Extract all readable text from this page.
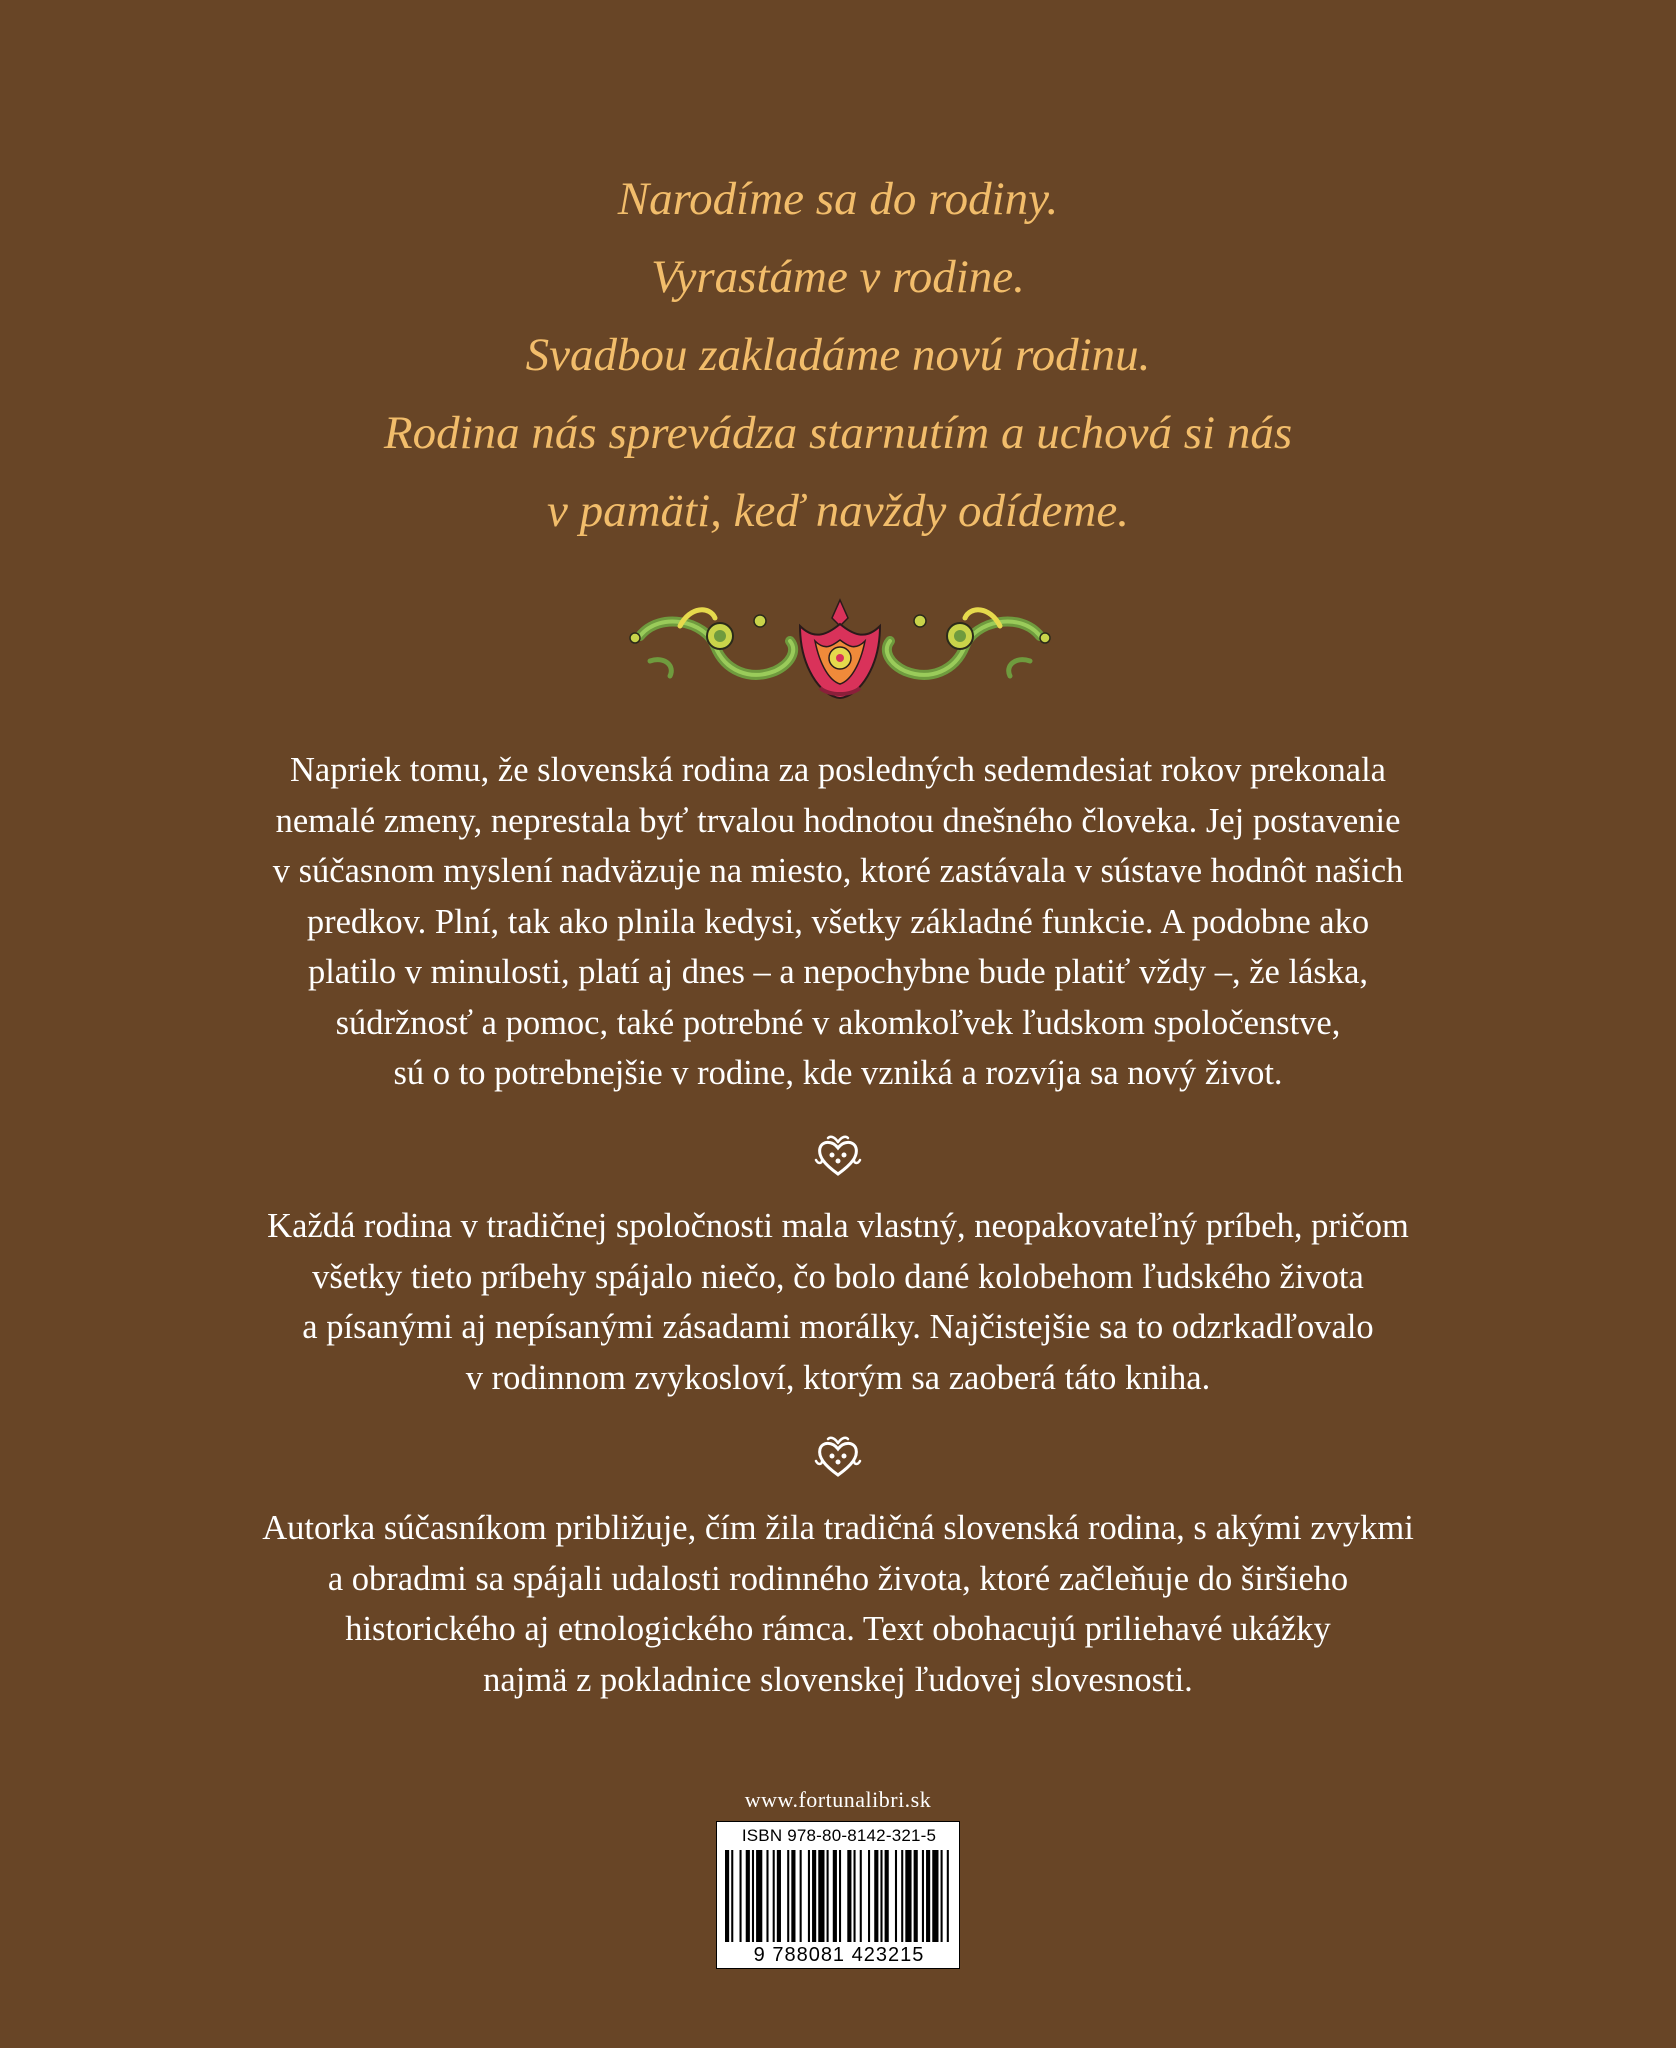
Narodíme sa do rodiny.
Vyrastáme v rodine.
Svadbou zakladáme novú rodinu.
Rodina nás sprevádza starnutím a uchová si nás
v pamäti, keď navždy odídeme.
Napriek tomu, že slovenská rodina za posledných sedemdesiat rokov prekonala
nemalé zmeny, neprestala byť trvalou hodnotou dnešného človeka. Jej postavenie
v súčasnom myslení nadväzuje na miesto, ktoré zastávala v sústave hodnôt našich
predkov. Plní, tak ako plnila kedysi, všetky základné funkcie. A podobne ako
platilo v minulosti, platí aj dnes – a nepochybne bude platiť vždy –, že láska,
súdržnosť a pomoc, také potrebné v akomkoľvek ľudskom spoločenstve,
sú o to potrebnejšie v rodine, kde vzniká a rozvíja sa nový život.
Každá rodina v tradičnej spoločnosti mala vlastný, neopakovateľný príbeh, pričom
všetky tieto príbehy spájalo niečo, čo bolo dané kolobehom ľudského života
a písanými aj nepísanými zásadami morálky. Najčistejšie sa to odzrkadľovalo
v rodinnom zvykosloví, ktorým sa zaoberá táto kniha.
Autorka súčasníkom približuje, čím žila tradičná slovenská rodina, s akými zvykmi
a obradmi sa spájali udalosti rodinného života, ktoré začleňuje do širšieho
historického aj etnologického rámca. Text obohacujú priliehavé ukážky
najmä z pokladnice slovenskej ľudovej slovesnosti.
www.fortunalibri.sk
ISBN 978-80-8142-321-5
9 788081 423215
